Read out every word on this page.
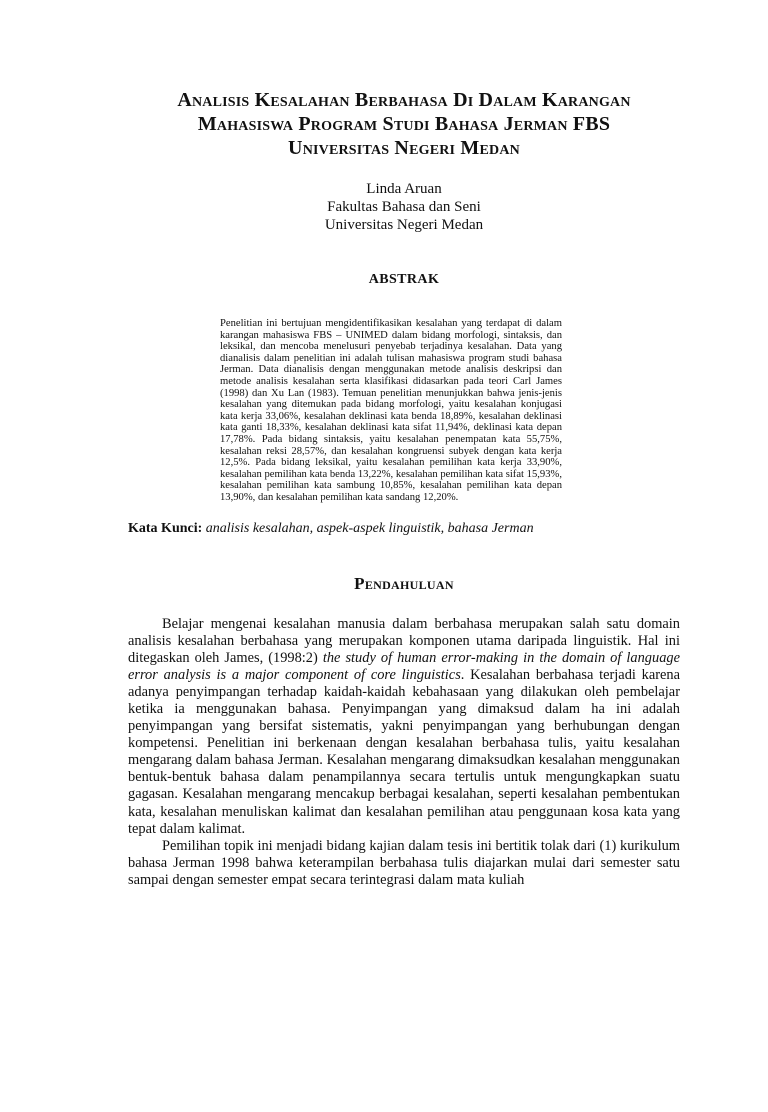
Analisis Kesalahan Berbahasa Di Dalam Karangan
Mahasiswa Program Studi Bahasa Jerman FBS
Universitas Negeri Medan
Linda Aruan
Fakultas Bahasa dan Seni
Universitas Negeri Medan
ABSTRAK
Penelitian ini bertujuan mengidentifikasikan kesalahan yang terdapat di dalam karangan mahasiswa FBS – UNIMED dalam bidang morfologi, sintaksis, dan leksikal, dan mencoba menelusuri penyebab terjadinya kesalahan. Data yang dianalisis dalam penelitian ini adalah tulisan mahasiswa program studi bahasa Jerman. Data dianalisis dengan menggunakan metode analisis deskripsi dan metode analisis kesalahan serta klasifikasi didasarkan pada teori Carl James (1998) dan Xu Lan (1983). Temuan penelitian menunjukkan bahwa jenis-jenis kesalahan yang ditemukan pada bidang morfologi, yaitu kesalahan konjugasi kata kerja 33,06%, kesalahan deklinasi kata benda 18,89%, kesalahan deklinasi kata ganti 18,33%, kesalahan deklinasi kata sifat 11,94%, deklinasi kata depan 17,78%. Pada bidang sintaksis, yaitu kesalahan penempatan kata 55,75%, kesalahan reksi 28,57%, dan kesalahan kongruensi subyek dengan kata kerja 12,5%. Pada bidang leksikal, yaitu kesalahan pemilihan kata kerja 33,90%, kesalahan pemilihan kata benda 13,22%, kesalahan pemilihan kata sifat 15,93%, kesalahan pemilihan kata sambung 10,85%, kesalahan pemilihan kata depan 13,90%, dan kesalahan pemilihan kata sandang 12,20%.
Kata Kunci: analisis kesalahan, aspek-aspek linguistik, bahasa Jerman
Pendahuluan

Belajar mengenai kesalahan manusia dalam berbahasa merupakan salah satu domain analisis kesalahan berbahasa yang merupakan komponen utama daripada linguistik. Hal ini ditegaskan oleh James, (1998:2) the study of human error-making in the domain of language error analysis is a major component of core linguistics. Kesalahan berbahasa terjadi karena adanya penyimpangan terhadap kaidah-kaidah kebahasaan yang dilakukan oleh pembelajar ketika ia menggunakan bahasa. Penyimpangan yang dimaksud dalam ha ini adalah penyimpangan yang bersifat sistematis, yakni penyimpangan yang berhubungan dengan kompetensi. Penelitian ini berkenaan dengan kesalahan berbahasa tulis, yaitu kesalahan mengarang dalam bahasa Jerman. Kesalahan mengarang dimaksudkan kesalahan menggunakan bentuk-bentuk bahasa dalam penampilannya secara tertulis untuk mengungkapkan suatu gagasan. Kesalahan mengarang mencakup berbagai kesalahan, seperti kesalahan pembentukan kata, kesalahan menuliskan kalimat dan kesalahan pemilihan atau penggunaan kosa kata yang tepat dalam kalimat.

Pemilihan topik ini menjadi bidang kajian dalam tesis ini bertitik tolak dari (1) kurikulum bahasa Jerman 1998 bahwa keterampilan berbahasa tulis diajarkan mulai dari semester satu sampai dengan semester empat secara terintegrasi dalam mata kuliah
